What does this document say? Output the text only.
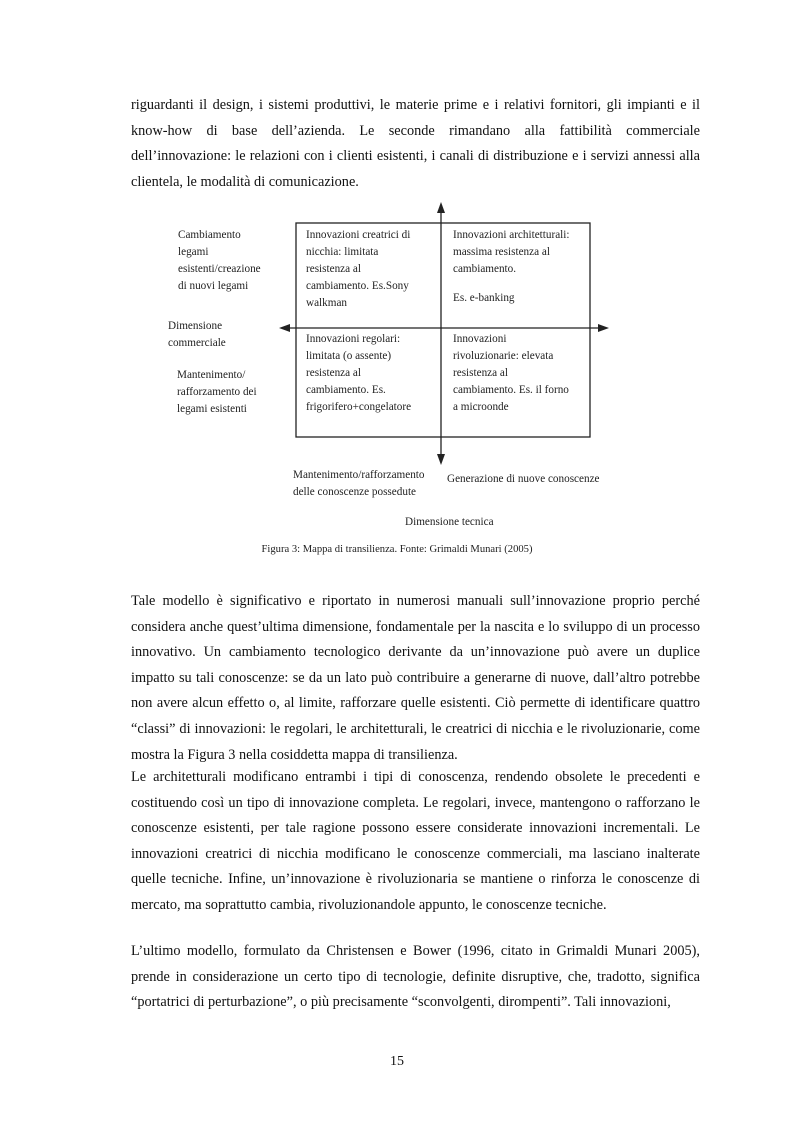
riguardanti il design, i sistemi produttivi, le materie prime e i relativi fornitori, gli impianti e il know-how di base dell’azienda. Le seconde rimandano alla fattibilità commerciale dell’innovazione: le relazioni con i clienti esistenti, i canali di distribuzione e i servizi annessi alla clientela, le modalità di comunicazione.

Cambiamento
legami
esistenti/creazione
di nuovi legami
Dimensione
commerciale
Mantenimento/
rafforzamento dei
legami esistenti
Innovazioni creatrici di
nicchia: limitata
resistenza al
cambiamento. Es.Sony
walkman
Innovazioni architetturali:
massima resistenza al
cambiamento.
Es. e-banking
Innovazioni regolari:
limitata (o assente)
resistenza al
cambiamento. Es.
frigorifero+congelatore
Innovazioni
rivoluzionarie: elevata
resistenza al
cambiamento. Es. il forno
a microonde
Mantenimento/rafforzamento
delle conoscenze possedute
Generazione di nuove conoscenze
Dimensione tecnica
Figura 3: Mappa di transilienza. Fonte: Grimaldi Munari (2005)

Tale modello è significativo e riportato in numerosi manuali sull’innovazione proprio perché considera anche quest’ultima dimensione, fondamentale per la nascita e lo sviluppo di un processo innovativo. Un cambiamento tecnologico derivante da un’innovazione può avere un duplice impatto su tali conoscenze: se da un lato può contribuire a generarne di nuove, dall’altro potrebbe non avere alcun effetto o, al limite, rafforzare quelle esistenti. Ciò permette di identificare quattro “classi” di innovazioni: le regolari, le architetturali, le creatrici di nicchia e le rivoluzionarie, come mostra la Figura 3 nella cosiddetta mappa di transilienza.

Le architetturali modificano entrambi i tipi di conoscenza, rendendo obsolete le precedenti e costituendo così un tipo di innovazione completa. Le regolari, invece, mantengono o rafforzano le conoscenze esistenti, per tale ragione possono essere considerate innovazioni incrementali. Le innovazioni creatrici di nicchia modificano le conoscenze commerciali, ma lasciano inalterate quelle tecniche. Infine, un’innovazione è rivoluzionaria se mantiene o rinforza le conoscenze di mercato, ma soprattutto cambia, rivoluzionandole appunto, le conoscenze tecniche.

L’ultimo modello, formulato da Christensen e Bower (1996, citato in Grimaldi Munari 2005), prende in considerazione un certo tipo di tecnologie, definite disruptive, che, tradotto, significa “portatrici di perturbazione”, o più precisamente “sconvolgenti, dirompenti”. Tali innovazioni,

15
